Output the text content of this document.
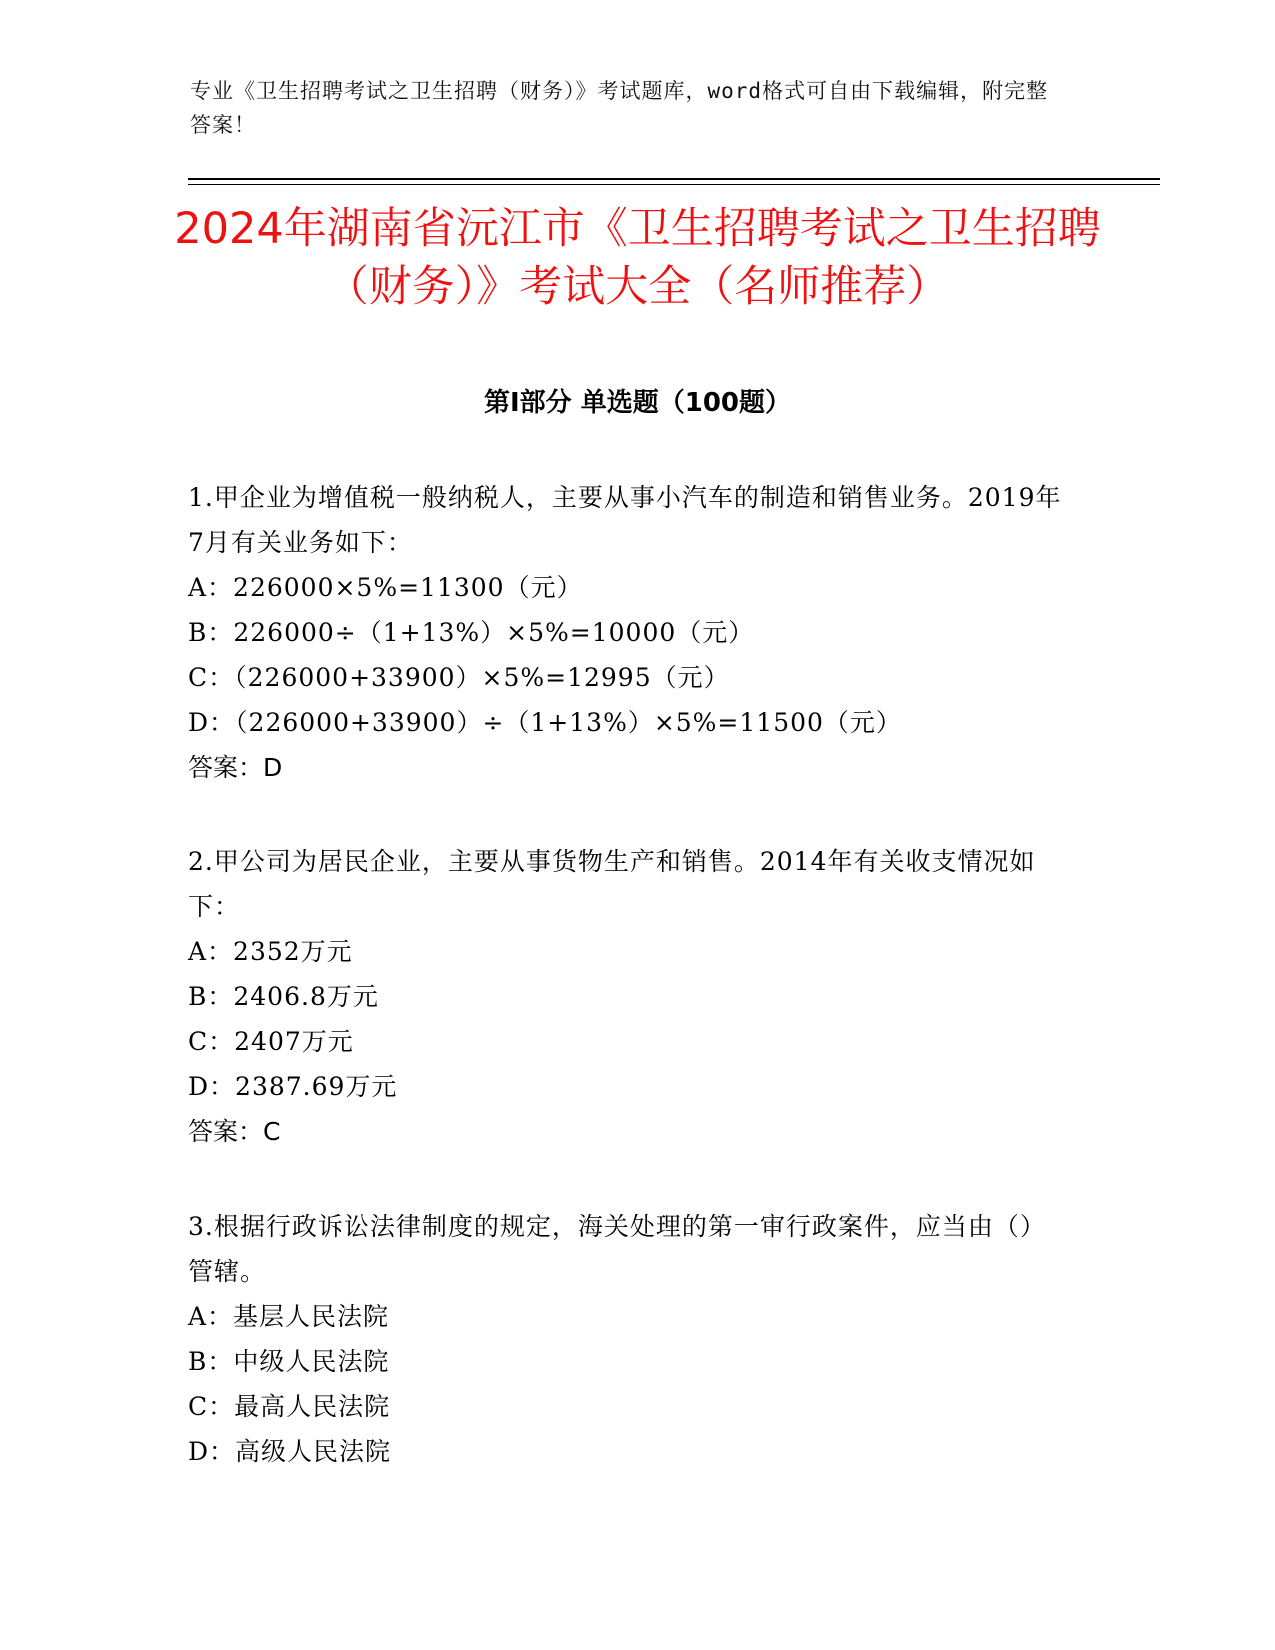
专业《卫生招聘考试之卫生招聘（财务）》考试题库，word格式可自由下载编辑，附完整答案！
2024年湖南省沅江市《卫生招聘考试之卫生招聘（财务）》考试大全（名师推荐）
第I部分 单选题（100题）

1.甲企业为增值税一般纳税人，主要从事小汽车的制造和销售业务。2019年7月有关业务如下：

A：226000×5%=11300（元）

B：226000÷（1+13%）×5%=10000（元）

C：（226000+33900）×5%=12995（元）

D：（226000+33900）÷（1+13%）×5%=11500（元）

答案：D

2.甲公司为居民企业，主要从事货物生产和销售。2014年有关收支情况如下：

A：2352万元

B：2406.8万元

C：2407万元

D：2387.69万元

答案：C

3.根据行政诉讼法律制度的规定，海关处理的第一审行政案件，应当由（）管辖。

A：基层人民法院

B：中级人民法院

C：最高人民法院

D：高级人民法院
